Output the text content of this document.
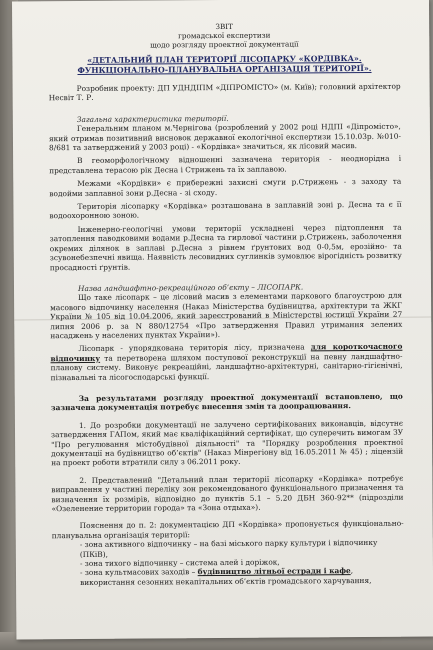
ЗВІТ
громадської експертизи
щодо розгляду проектної документації
«ДЕТАЛЬНИЙ ПЛАН ТЕРИТОРІЇ ЛІСОПАРКУ «КОРДІВКА».
ФУНКЦІОНАЛЬНО-ПЛАНУВАЛЬНА ОРГАНІЗАЦІЯ ТЕРИТОРІЇ».

Розробник проекту: ДП УДНДІПМ «ДІПРОМІСТО» (м. Київ); головний архітектор Несвіт Т. Р.

Загальна характеристика території.

Генеральним планом м.Чернігова (розроблений у 2002 році НДПІ «Діпромісто», який отримав позитивний висновок державної екологічної експертизи 15.10.03р. №010-8/681 та затверджений у 2003 році) - «Кордівка» значиться, як лісовий масив.

В геоморфологічному відношенні зазначена територія - неоднорідна і представлена терасою рік Десна і Стрижень та їх заплавою.

Межами «Кордівки» є прибережні захисні смуги р.Стрижень - з заходу та водойми заплавної зони р.Десна - зі сходу.

Територія лісопарку «Кордівка» розташована в заплавній зоні р. Десна та є її водоохоронною зоною.

Інженерно-геологічні умови території ускладнені через підтоплення та затоплення паводковими водами р.Десна та гирлової частини р.Стрижень, заболочення окремих ділянок в заплаві р.Десна з рівнем ґрунтових вод 0-0,5м, ерозійно- та зсувонебезпечні явища. Наявність лесовидних суглинків зумовлює вірогідність розвитку просадності ґрунтів.

Назва ландшафтно-рекреаційного об’єкту – ЛІСОПАРК.

Що таке лісопарк – це лісовий масив з елементами паркового благоустрою для масового відпочинку населення (Наказ Міністерства будівництва, архітектури та ЖКГ України № 105 від 10.04.2006, який зареєстрований в Міністерстві юстиції України 27 липня 2006 р. за N 880/12754 «Про затвердження Правил утримання зелених насаджень у населених пунктах України»).

Лісопарк - упорядкована територія лісу, призначена для короткочасного відпочинку та перетворена шляхом поступової реконструкції на певну ландшафтно-планову систему. Виконує рекреаційні, ландшафтно-архітектурні, санітарно-гігієнічні, пізнавальні та лісогосподарські функції.

За результатами розгляду проектної документації встановлено, що зазначена документація потребує внесення змін та доопрацювання.

1. До розробки документації не залучено сертифікованих виконавців, відсутнє затвердження ГАПом, який має кваліфікаційний сертифікат, що суперечить вимогам ЗУ "Про регулювання містобудівної діяльності" та "Порядку розроблення проектної документації на будівництво об’єктів" (Наказ Мінрегіону від 16.05.2011 № 45) ; ліцензій на проект роботи втратили силу з 06.2011 року.

2. Представлений "Детальний план території лісопарку «Кордівка» потребує виправлення у частині переліку зон рекомендованого функціонального призначення та визначення їх розмірів, відповідно до пунктів 5.1 – 5.20 ДБН 360-92** (підрозділи «Озеленение территории города» та «Зона отдыха»).

Пояснення до п. 2: документацією ДП «Кордівка» пропонується функціонально-планувальна організація території:

- зона активного відпочинку – на базі міського парку культури і відпочинку (ПКіВ),
- зона тихого відпочинку – система алей і доріжок,
- зона культмасових заходів – будівництво літньої естради і кафе, використання сезонних некапітальних об’єктів громадського харчування,
